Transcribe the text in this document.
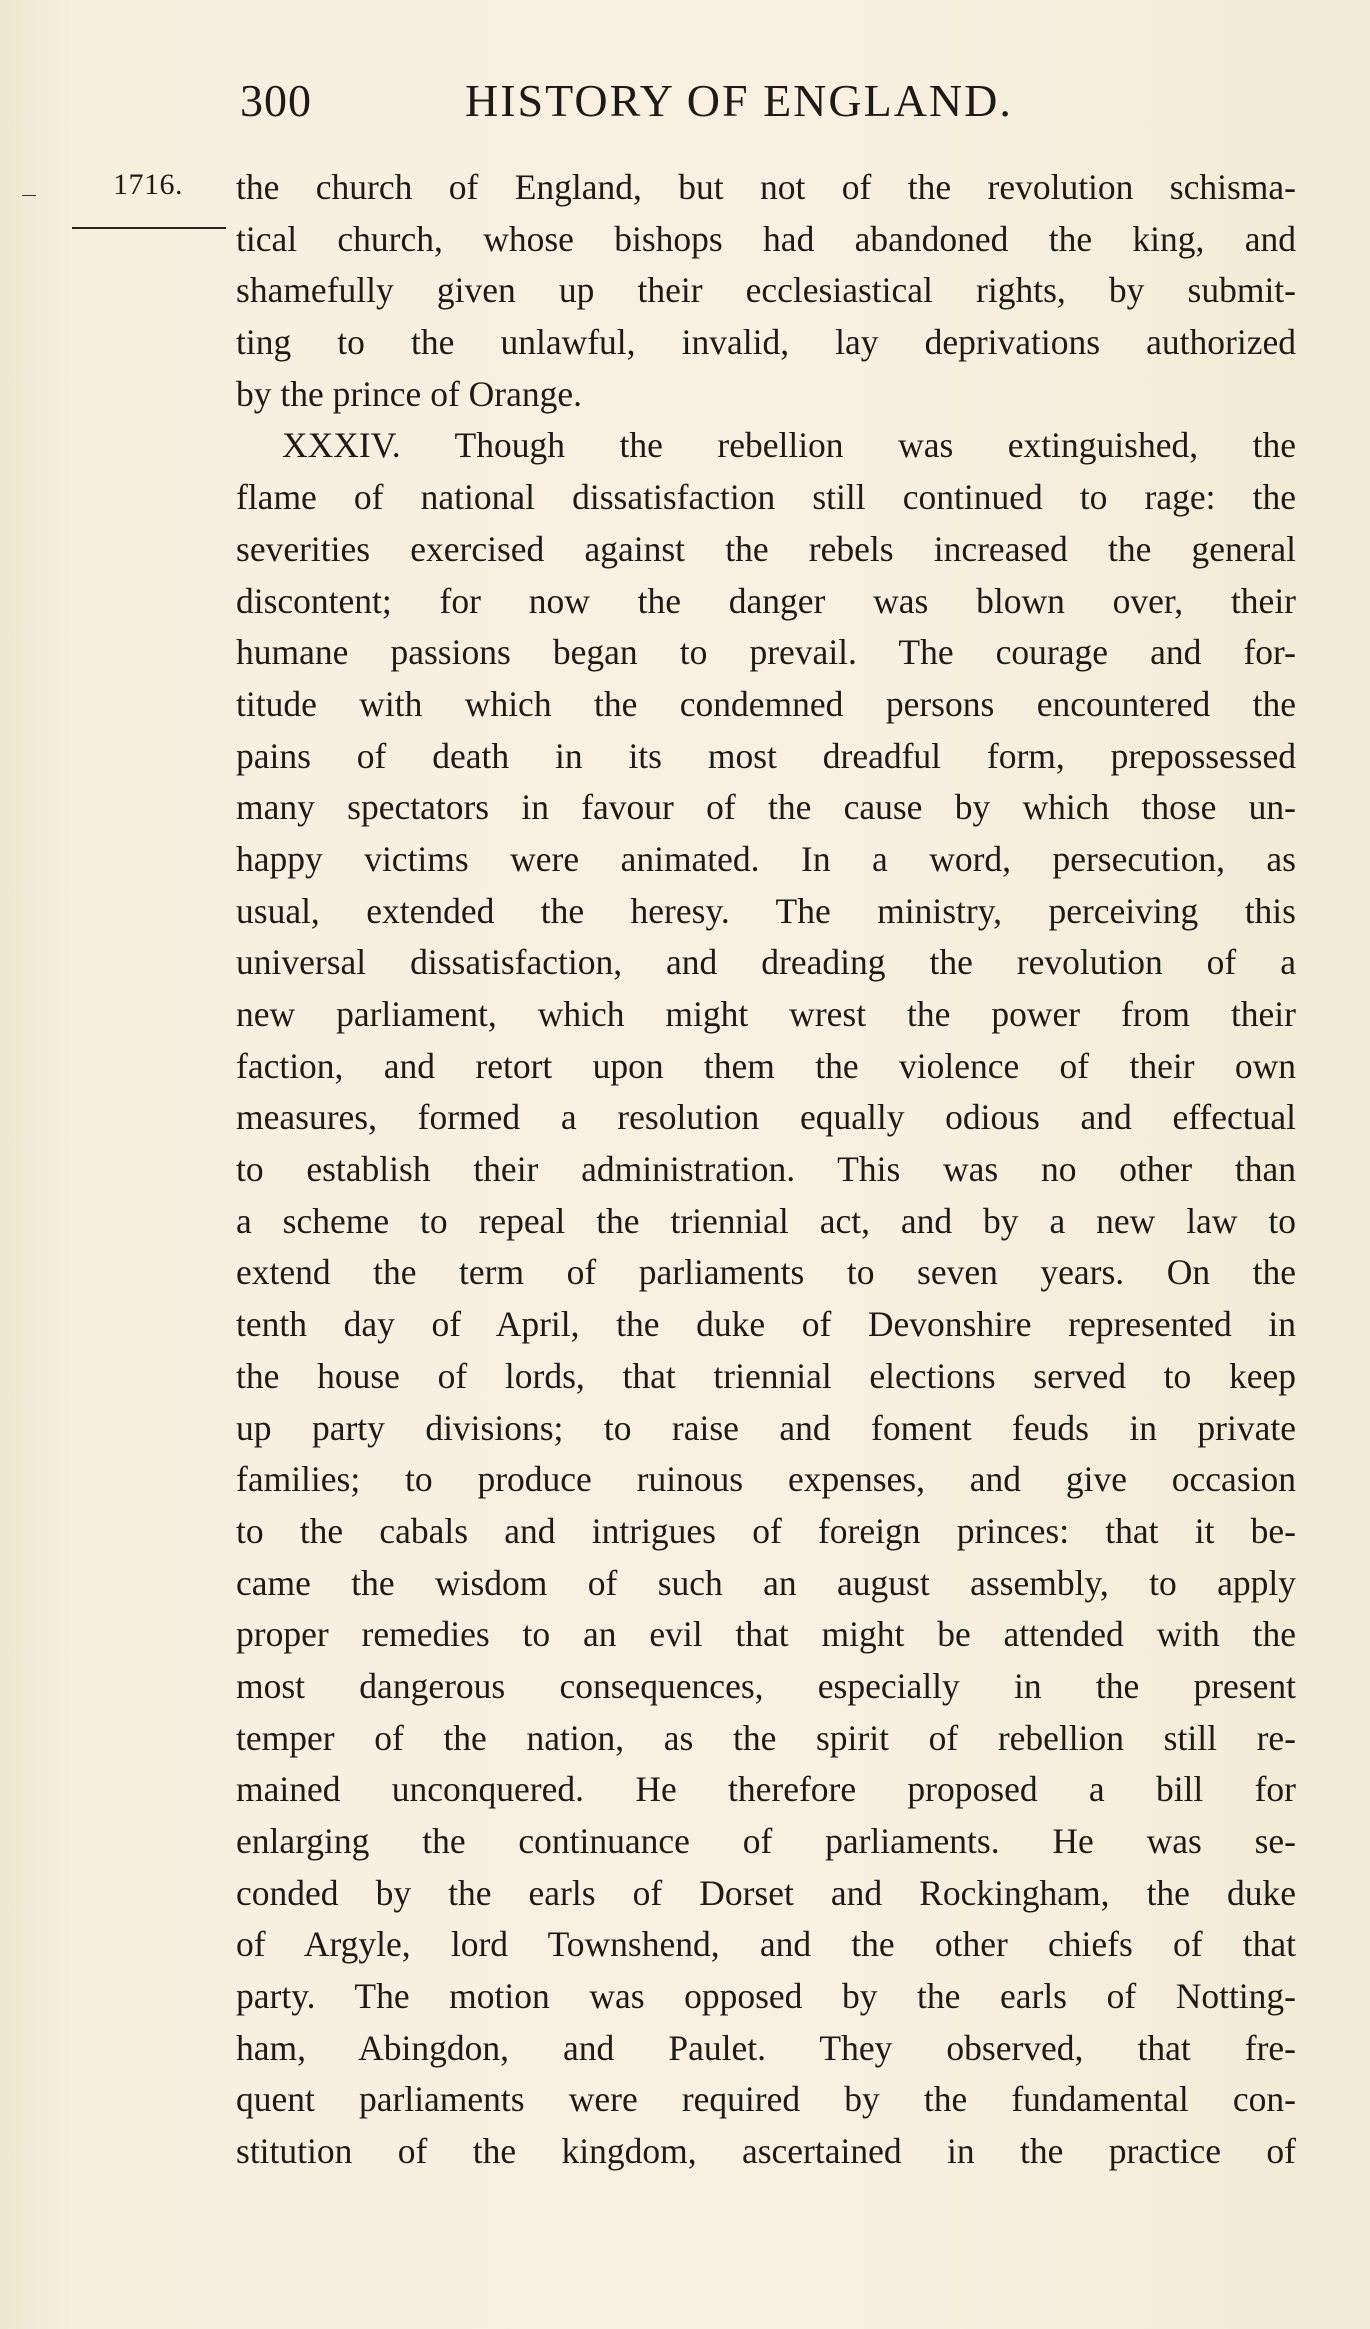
300	HISTORY OF ENGLAND.
1716. the church of England, but not of the revolution schisma-
tical church, whose bishops had abandoned the king, and
shamefully given up their ecclesiastical rights, by submit-
ting to the unlawful, invalid, lay deprivations authorized
by the prince of Orange.
XXXIV. Though the rebellion was extinguished, the
flame of national dissatisfaction still continued to rage: the
severities exercised against the rebels increased the general
discontent; for now the danger was blown over, their
humane passions began to prevail. The courage and for-
titude with which the condemned persons encountered the
pains of death in its most dreadful form, prepossessed
many spectators in favour of the cause by which those un-
happy victims were animated. In a word, persecution, as
usual, extended the heresy. The ministry, perceiving this
universal dissatisfaction, and dreading the revolution of a
new parliament, which might wrest the power from their
faction, and retort upon them the violence of their own
measures, formed a resolution equally odious and effectual
to establish their administration. This was no other than
a scheme to repeal the triennial act, and by a new law to
extend the term of parliaments to seven years. On the
tenth day of April, the duke of Devonshire represented in
the house of lords, that triennial elections served to keep
up party divisions; to raise and foment feuds in private
families; to produce ruinous expenses, and give occasion
to the cabals and intrigues of foreign princes: that it be-
came the wisdom of such an august assembly, to apply
proper remedies to an evil that might be attended with the
most dangerous consequences, especially in the present
temper of the nation, as the spirit of rebellion still re-
mained unconquered. He therefore proposed a bill for
enlarging the continuance of parliaments. He was se-
conded by the earls of Dorset and Rockingham, the duke
of Argyle, lord Townshend, and the other chiefs of that
party. The motion was opposed by the earls of Notting-
ham, Abingdon, and Paulet. They observed, that fre-
quent parliaments were required by the fundamental con-
stitution of the kingdom, ascertained in the practice of
